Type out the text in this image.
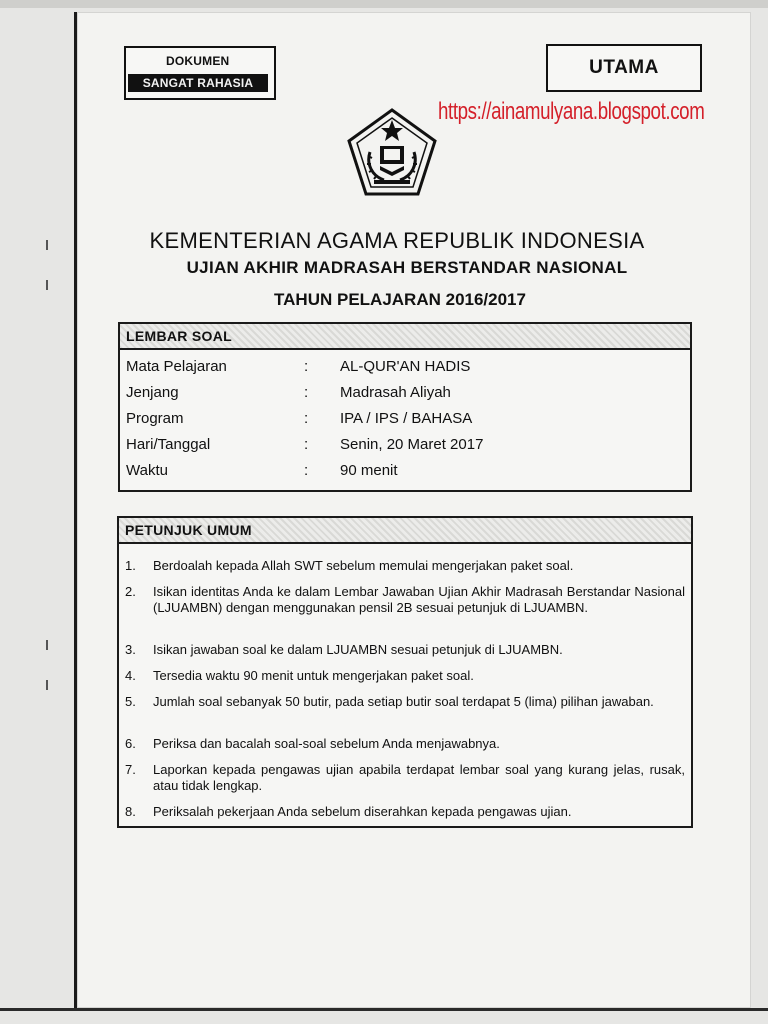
DOKUMEN
SANGAT RAHASIA
UTAMA
https://ainamulyana.blogspot.com
KEMENTERIAN AGAMA REPUBLIK INDONESIA
UJIAN AKHIR MADRASAH BERSTANDAR NASIONAL
TAHUN PELAJARAN 2016/2017
LEMBAR SOAL
Mata Pelajaran	: AL-QUR'AN HADIS
Jenjang	: Madrasah Aliyah
Program	: IPA / IPS / BAHASA
Hari/Tanggal	: Senin, 20 Maret 2017
Waktu	: 90 menit
PETUNJUK UMUM
1. Berdoalah kepada Allah SWT sebelum memulai mengerjakan paket soal.
2. Isikan identitas Anda ke dalam Lembar Jawaban Ujian Akhir Madrasah Berstandar Nasional (LJUAMBN) dengan menggunakan pensil 2B sesuai petunjuk di LJUAMBN.
3. Isikan jawaban soal ke dalam LJUAMBN sesuai petunjuk di LJUAMBN.
4. Tersedia waktu 90 menit untuk mengerjakan paket soal.
5. Jumlah soal sebanyak 50 butir, pada setiap butir soal terdapat 5 (lima) pilihan jawaban.
6. Periksa dan bacalah soal-soal sebelum Anda menjawabnya.
7. Laporkan kepada pengawas ujian apabila terdapat lembar soal yang kurang jelas, rusak, atau tidak lengkap.
8. Periksalah pekerjaan Anda sebelum diserahkan kepada pengawas ujian.
